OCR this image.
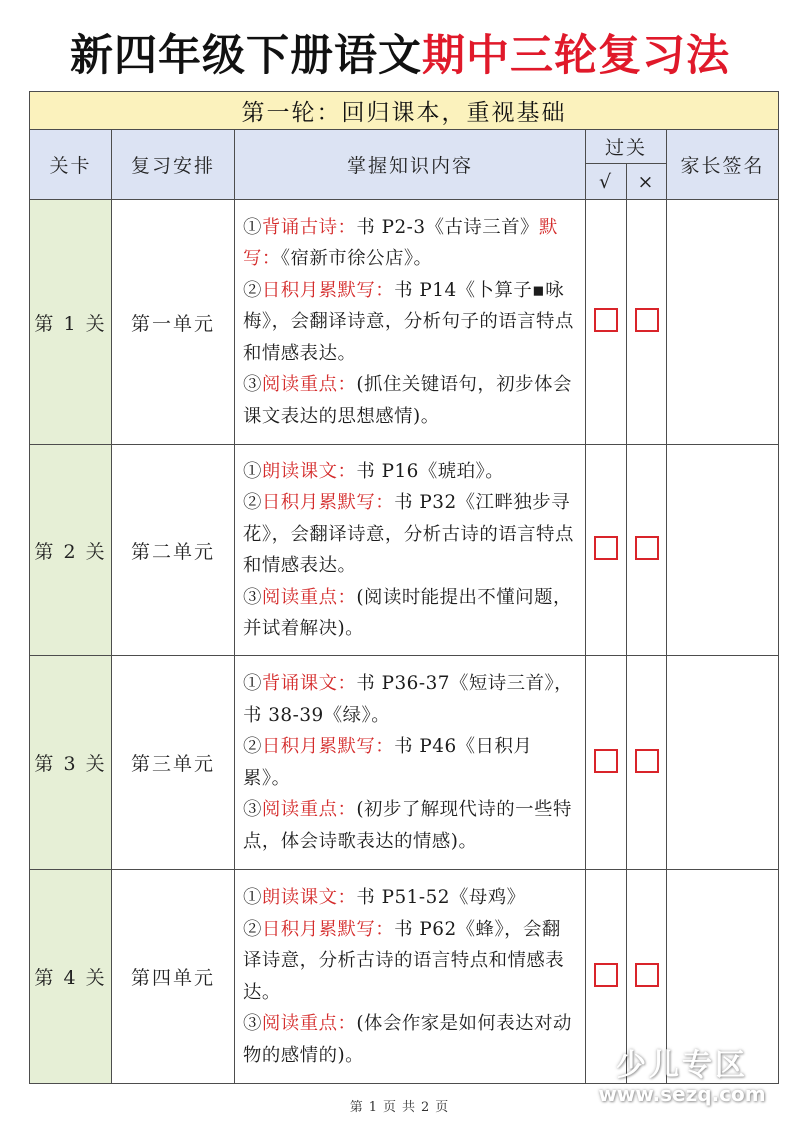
新四年级下册语文期中三轮复习法
第一轮：回归课本，重视基础					
关卡	复习安排	掌握知识内容	过关		家长签名
			√	×	
第 1 关	第一单元	①背诵古诗：书 P2-3《古诗三首》默写：《宿新市徐公店》。
②日积月累默写：书 P14《卜算子▪咏梅》，会翻译诗意，分析句子的语言特点和情感表达。
③阅读重点：(抓住关键语句，初步体会课文表达的思想感情)。			

第 2 关	第二单元	①朗读课文：书 P16《琥珀》。
②日积月累默写：书 P32《江畔独步寻花》，会翻译诗意，分析古诗的语言特点和情感表达。
③阅读重点：(阅读时能提出不懂问题，并试着解决)。			

第 3 关	第三单元	①背诵课文：书 P36-37《短诗三首》，书 38-39《绿》。
②日积月累默写：书 P46《日积月累》。
③阅读重点：(初步了解现代诗的一些特点，体会诗歌表达的情感)。			

第 4 关	第四单元	①朗读课文：书 P51-52《母鸡》
②日积月累默写：书 P62《蜂》，会翻译诗意，分析古诗的语言特点和情感表达。
③阅读重点：(体会作家是如何表达对动物的感情的)。			

第 1 页 共 2 页
少儿专区
www.sezq.com
